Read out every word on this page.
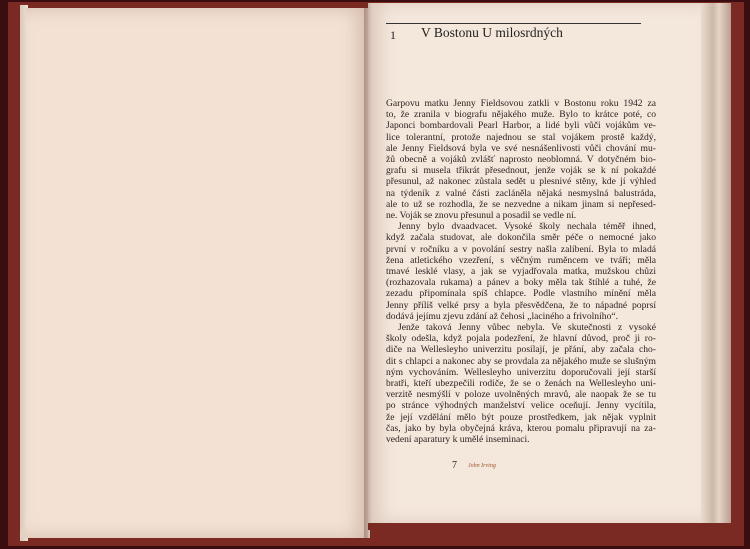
1 V Bostonu U milosrdných
Garpovu matku Jenny Fieldsovou zatkli v Bostonu roku 1942 za
to, že zranila v biografu nějakého muže. Bylo to krátce poté, co
Japonci bombardovali Pearl Harbor, a lidé byli vůči vojákům ve-
lice tolerantní, protože najednou se stal vojákem prostě každý,
ale Jenny Fieldsová byla ve své nesnášenlivosti vůči chování mu-
žů obecně a vojáků zvlášť naprosto neoblomná. V dotyčném bio-
grafu si musela třikrát přesednout, jenže voják se k ní pokaždé
přesunul, až nakonec zůstala sedět u plesnivé stěny, kde jí výhled
na týdeník z valné části zacláněla nějaká nesmyslná balustráda,
ale to už se rozhodla, že se nezvedne a nikam jinam si nepřesed-
ne. Voják se znovu přesunul a posadil se vedle ní.
Jenny bylo dvaadvacet. Vysoké školy nechala téměř ihned,
když začala studovat, ale dokončila směr péče o nemocné jako
první v ročníku a v povolání sestry našla zalíbení. Byla to mladá
žena atletického vzezření, s věčným ruměncem ve tváři; měla
tmavé lesklé vlasy, a jak se vyjadřovala matka, mužskou chůzi
(rozhazovala rukama) a pánev a boky měla tak štíhlé a tuhé, že
zezadu připomínala spíš chlapce. Podle vlastního mínění měla
Jenny příliš velké prsy a byla přesvědčena, že to nápadné poprsí
dodává jejímu zjevu zdání až čehosi „laciného a frivolního“.
Jenže taková Jenny vůbec nebyla. Ve skutečnosti z vysoké
školy odešla, když pojala podezření, že hlavní důvod, proč ji ro-
diče na Wellesleyho univerzitu posílají, je přání, aby začala cho-
dit s chlapci a nakonec aby se provdala za nějakého muže se slušným
ným vychováním. Wellesleyho univerzitu doporučovali její starší
bratři, kteří ubezpečili rodiče, že se o ženách na Wellesleyho uni-
verzitě nesmýšlí v poloze uvolněných mravů, ale naopak že se tu
po stránce výhodných manželství velice oceňují. Jenny vycítila,
že její vzdělání mělo být pouze prostředkem, jak nějak vyplnit
čas, jako by byla obyčejná kráva, kterou pomalu připravují na za-
vedení aparatury k umělé inseminaci.
7 John Irving
